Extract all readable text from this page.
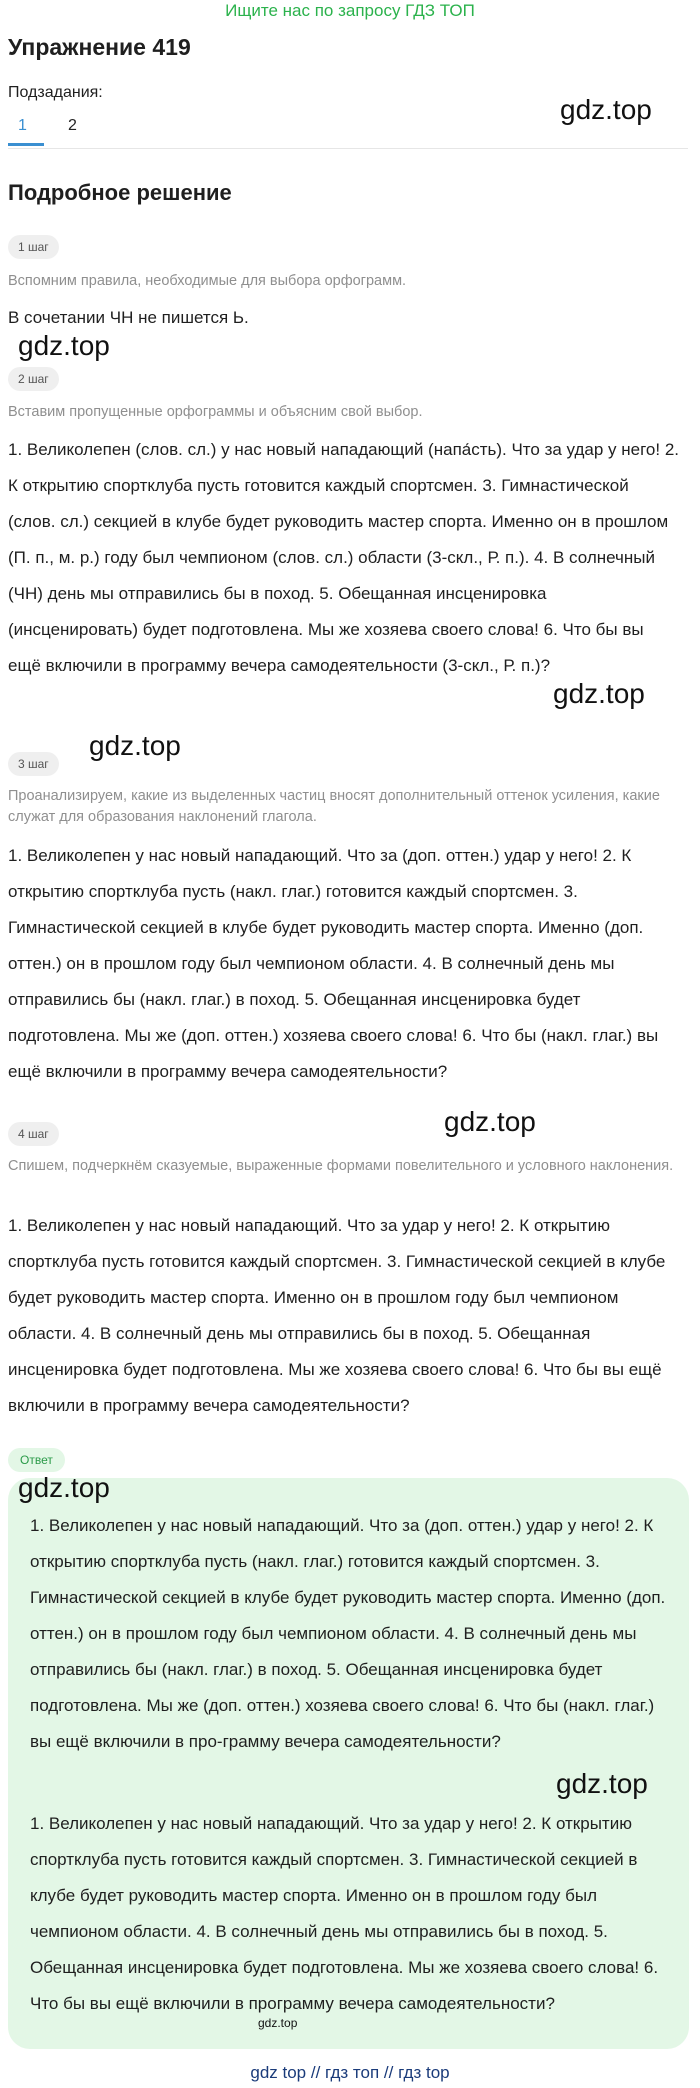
Ищите нас по запросу ГДЗ ТОП
Упражнение 419
Подзадания:
1	2
gdz.top
Подробное решение
1 шаг
Вспомним правила, необходимые для выбора орфограмм.
В сочетании ЧН не пишется Ь.
gdz.top
2 шаг
Вставим пропущенные орфограммы и объясним свой выбор.
1. Великолепен (слов. сл.) у нас новый нападающий (напа́сть). Что за удар у него! 2. К открытию спортклуба пусть готовится каждый спортсмен. 3. Гимнастической (слов. сл.) секцией в клубе будет руководить мастер спорта. Именно он в прошлом (П. п., м. р.) году был чемпионом (слов. сл.) области (3-скл., Р. п.). 4. В солнечный (ЧН) день мы отправились бы в поход. 5. Обещанная инсценировка (инсценировать) будет подготовлена. Мы же хозяева своего слова! 6. Что бы вы ещё включили в программу вечера самодеятельности (3-скл., Р. п.)?
gdz.top
gdz.top
3 шаг
Проанализируем, какие из выделенных частиц вносят дополнительный оттенок усиления, какие служат для образования наклонений глагола.
1. Великолепен у нас новый нападающий. Что за (доп. оттен.) удар у него! 2. К открытию спортклуба пусть (накл. глаг.) готовится каждый спортсмен. 3. Гимнастической секцией в клубе будет руководить мастер спорта. Именно (доп. оттен.) он в прошлом году был чемпионом области. 4. В солнечный день мы отправились бы (накл. глаг.) в поход. 5. Обещанная инсценировка будет подготовлена. Мы же (доп. оттен.) хозяева своего слова! 6. Что бы (накл. глаг.) вы ещё включили в программу вечера самодеятельности?
gdz.top
4 шаг
Спишем, подчеркнём сказуемые, выраженные формами повелительного и условного наклонения.
1. Великолепен у нас новый нападающий. Что за удар у него! 2. К открытию спортклуба пусть готовится каждый спортсмен. 3. Гимнастической секцией в клубе будет руководить мастер спорта. Именно он в прошлом году был чемпионом области. 4. В солнечный день мы отправились бы в поход. 5. Обещанная инсценировка будет подготовлена. Мы же хозяева своего слова! 6. Что бы вы ещё включили в программу вечера самодеятельности?
Ответ
gdz.top
1. Великолепен у нас новый нападающий. Что за (доп. оттен.) удар у него! 2. К открытию спортклуба пусть (накл. глаг.) готовится каждый спортсмен. 3. Гимнастической секцией в клубе будет руководить мастер спорта. Именно (доп. оттен.) он в прошлом году был чемпионом области. 4. В солнечный день мы отправились бы (накл. глаг.) в поход. 5. Обещанная инсценировка будет подготовлена. Мы же (доп. оттен.) хозяева своего слова! 6. Что бы (накл. глаг.) вы ещё включили в про-грамму вечера самодеятельности?
gdz.top
1. Великолепен у нас новый нападающий. Что за удар у него! 2. К открытию спортклуба пусть готовится каждый спортсмен. 3. Гимнастической секцией в клубе будет руководить мастер спорта. Именно он в прошлом году был чемпионом области. 4. В солнечный день мы отправились бы в поход. 5. Обещанная инсценировка будет подготовлена. Мы же хозяева своего слова! 6. Что бы вы ещё включили в программу вечера самодеятельности?
gdz.top
gdz top // гдз топ // гдз top
